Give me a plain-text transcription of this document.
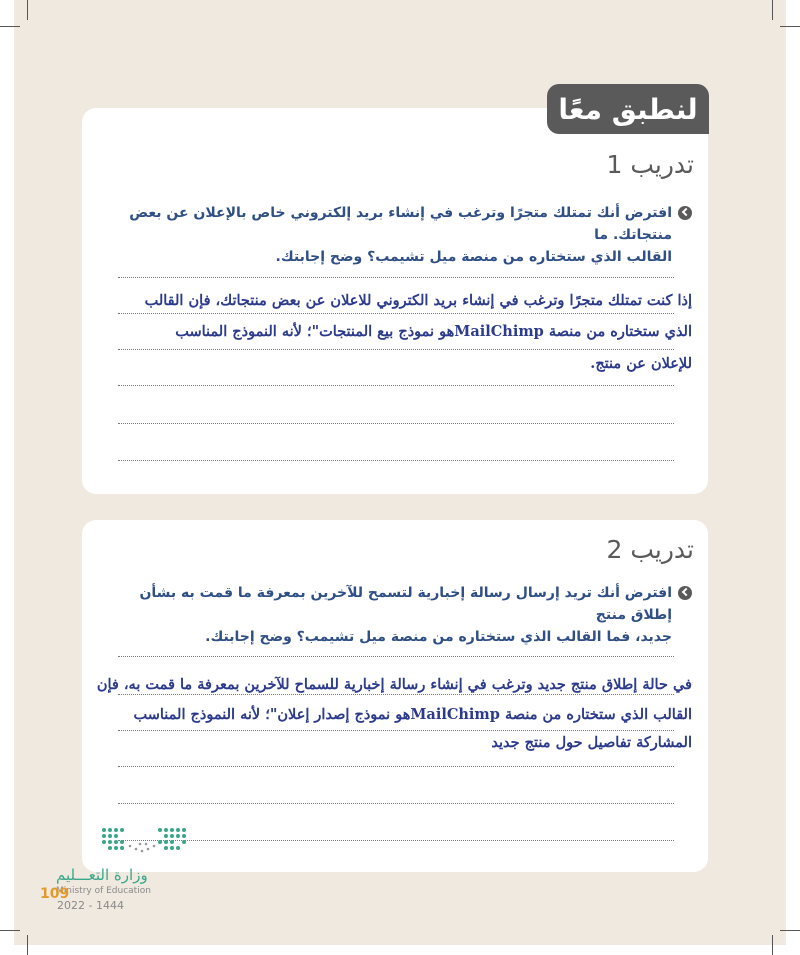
لنطبق معًا
تدريب 1
افترض أنك تمتلك متجرًا وترغب في إنشاء بريد إلكتروني خاص بالإعلان عن بعض منتجاتك. ما
القالب الذي ستختاره من منصة ميل تشيمب؟ وضح إجابتك.
إذا كنت تمتلك متجرًا وترغب في إنشاء بريد الكتروني للاعلان عن بعض منتجاتك، فإن القالب
الذي ستختاره من منصة MailChimpهو نموذج بيع المنتجات"؛ لأنه النموذج المناسب
للإعلان عن منتج.
تدريب 2
افترض أنك تريد إرسال رسالة إخبارية لتسمح للآخرين بمعرفة ما قمت به بشأن إطلاق منتج
جديد، فما القالب الذي ستختاره من منصة ميل تشيمب؟ وضح إجابتك.
في حالة إطلاق منتج جديد وترغب في إنشاء رسالة إخبارية للسماح للآخرين بمعرفة ما قمت به، فإن
القالب الذي ستختاره من منصة MailChimpهو نموذج إصدار إعلان"؛ لأنه النموذج المناسب
المشاركة تفاصيل حول منتج جديد
وزارة التعـــليم
Ministry of Education
2022 - 1444
109
